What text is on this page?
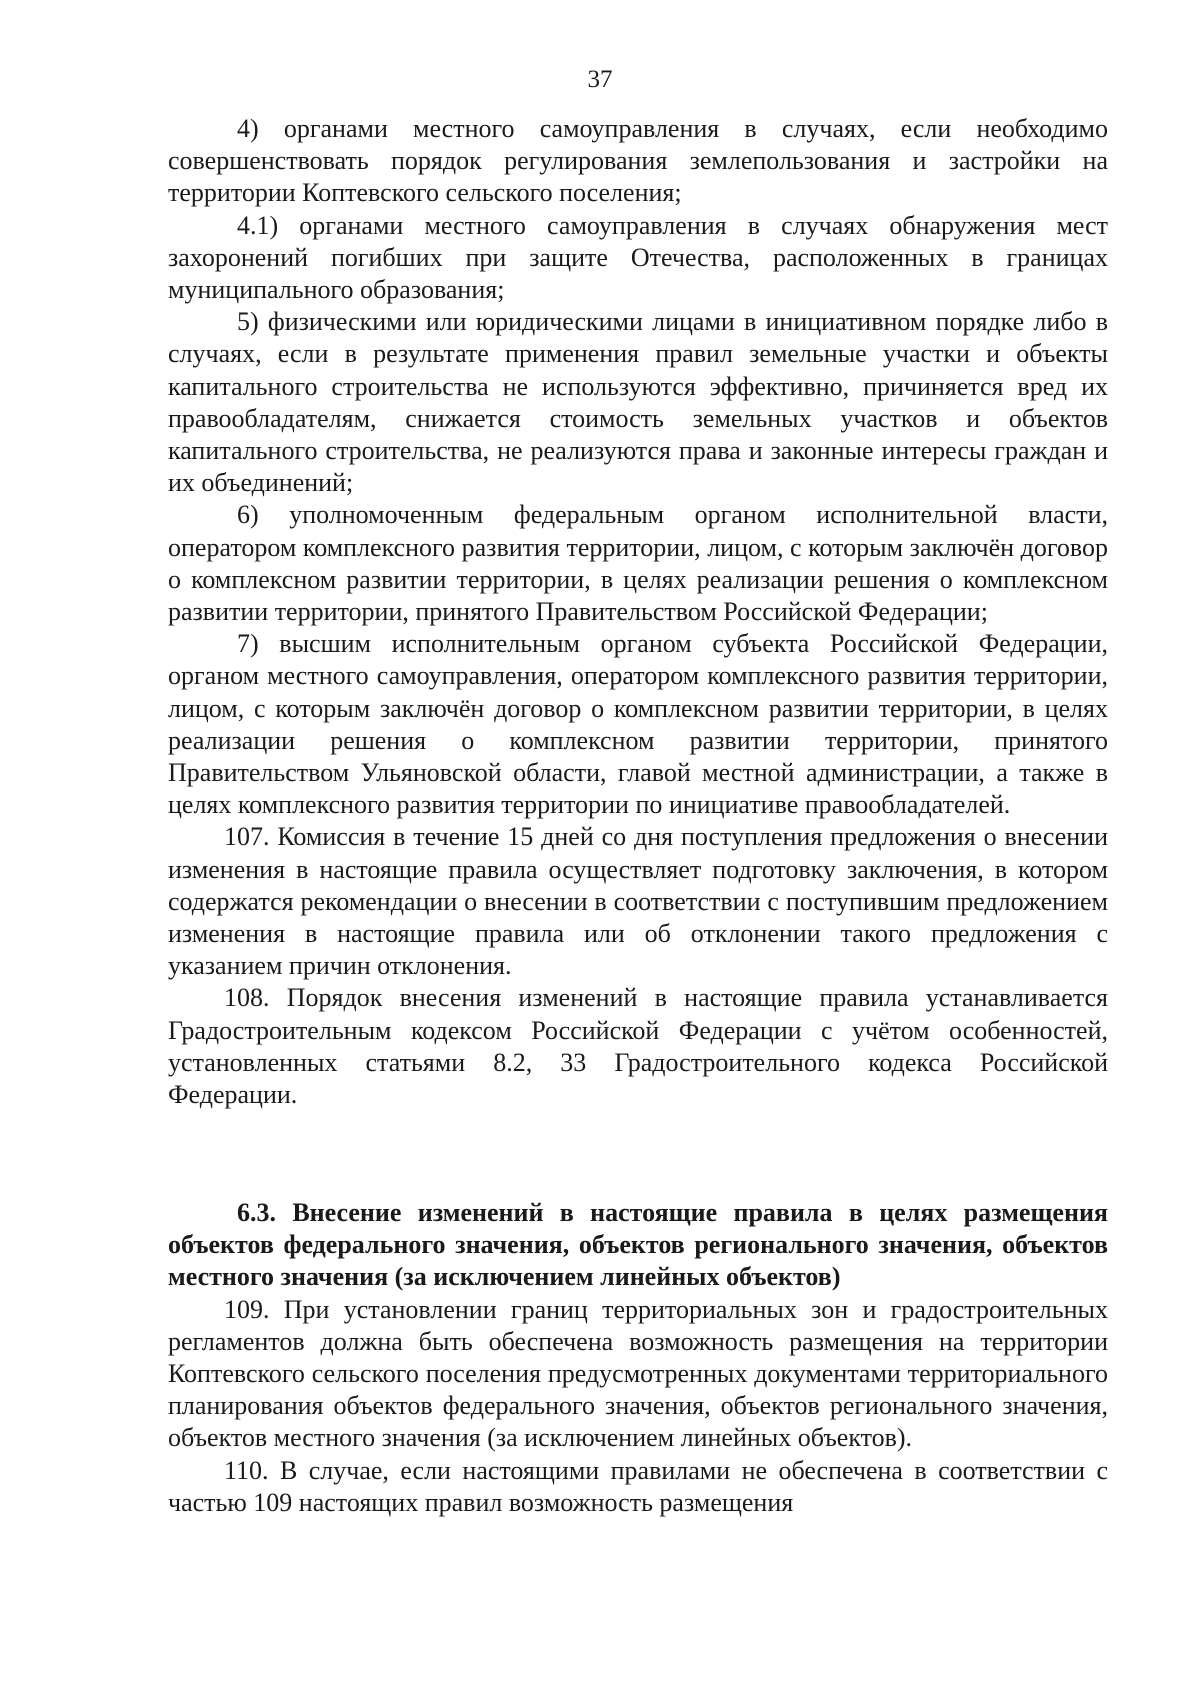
37

4) органами местного самоуправления в случаях, если необходимо совершенствовать порядок регулирования землепользования и застройки на территории Коптевского сельского поселения;

4.1) органами местного самоуправления в случаях обнаружения мест захоронений погибших при защите Отечества, расположенных в границах муниципального образования;

5) физическими или юридическими лицами в инициативном порядке либо в случаях, если в результате применения правил земельные участки и объекты капитального строительства не используются эффективно, причиняется вред их правообладателям, снижается стоимость земельных участков и объектов капитального строительства, не реализуются права и законные интересы граждан и их объединений;

6) уполномоченным федеральным органом исполнительной власти, оператором комплексного развития территории, лицом, с которым заключён договор о комплексном развитии территории, в целях реализации решения о комплексном развитии территории, принятого Правительством Российской Федерации;

7) высшим исполнительным органом субъекта Российской Федерации, органом местного самоуправления, оператором комплексного развития территории, лицом, с которым заключён договор о комплексном развитии территории, в целях реализации решения о комплексном развитии территории, принятого Правительством Ульяновской области, главой местной администрации, а также в целях комплексного развития территории по инициативе правообладателей.

107. Комиссия в течение 15 дней со дня поступления предложения о внесении изменения в настоящие правила осуществляет подготовку заключения, в котором содержатся рекомендации о внесении в соответствии с поступившим предложением изменения в настоящие правила или об отклонении такого предложения с указанием причин отклонения.

108. Порядок внесения изменений в настоящие правила устанавливается Градостроительным кодексом Российской Федерации с учётом особенностей, установленных статьями 8.2, 33 Градостроительного кодекса Российской Федерации.

6.3. Внесение изменений в настоящие правила в целях размещения объектов федерального значения, объектов регионального значения, объектов местного значения (за исключением линейных объектов)

109. При установлении границ территориальных зон и градостроительных регламентов должна быть обеспечена возможность размещения на территории Коптевского сельского поселения предусмотренных документами территориального планирования объектов федерального значения, объектов регионального значения, объектов местного значения (за исключением линейных объектов).

110. В случае, если настоящими правилами не обеспечена в соответствии с частью 109 настоящих правил возможность размещения
